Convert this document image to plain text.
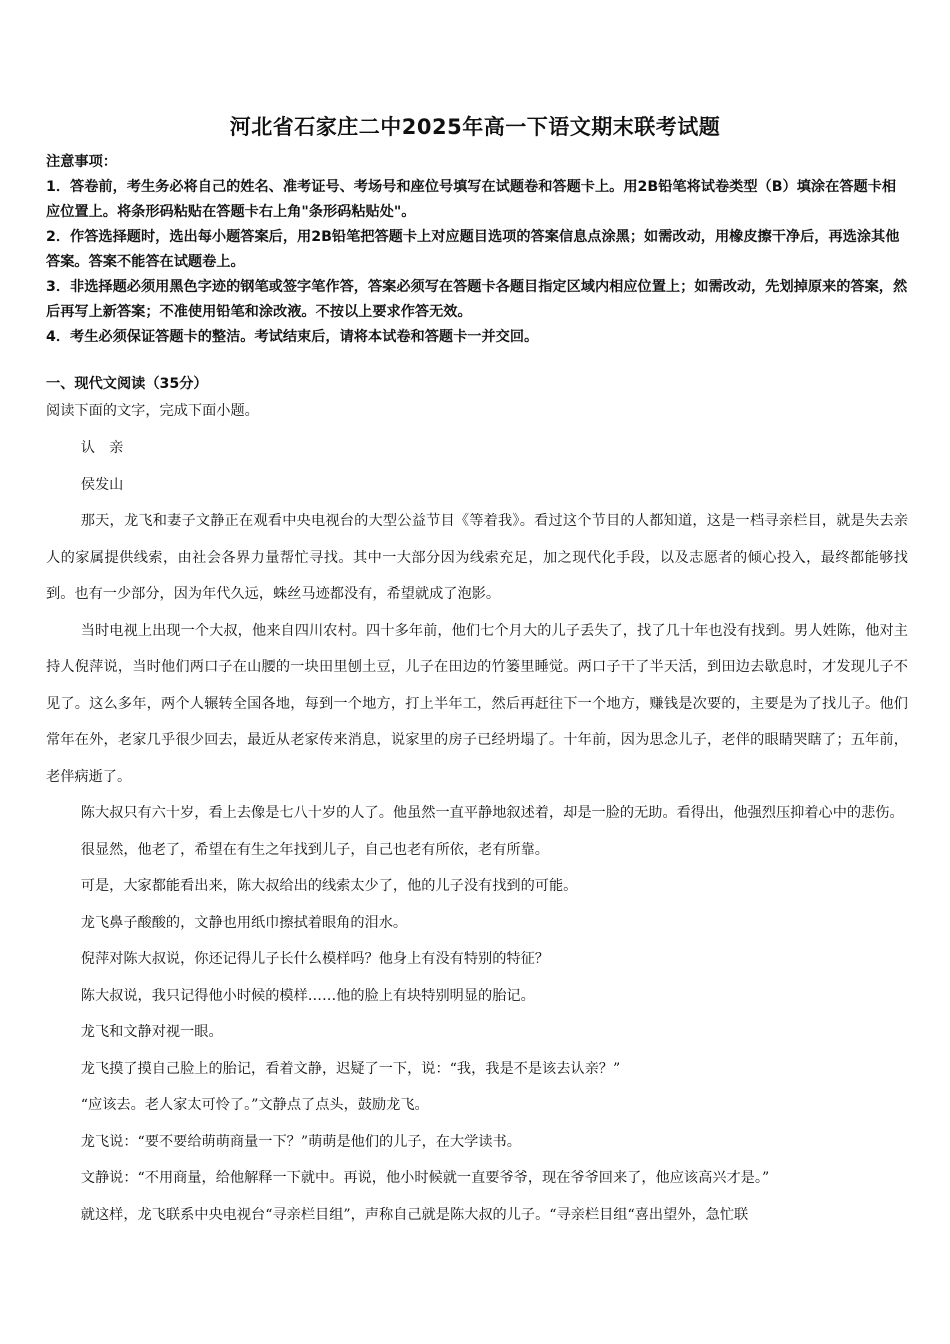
河北省石家庄二中2025年高一下语文期末联考试题

注意事项：

1．答卷前，考生务必将自己的姓名、准考证号、考场号和座位号填写在试题卷和答题卡上。用2B铅笔将试卷类型（B）填涂在答题卡相应位置上。将条形码粘贴在答题卡右上角"条形码粘贴处"。

2．作答选择题时，选出每小题答案后，用2B铅笔把答题卡上对应题目选项的答案信息点涂黑；如需改动，用橡皮擦干净后，再选涂其他答案。答案不能答在试题卷上。

3．非选择题必须用黑色字迹的钢笔或签字笔作答，答案必须写在答题卡各题目指定区域内相应位置上；如需改动，先划掉原来的答案，然后再写上新答案；不准使用铅笔和涂改液。不按以上要求作答无效。

4．考生必须保证答题卡的整洁。考试结束后，请将本试卷和答题卡一并交回。

一、现代文阅读（35分）
阅读下面的文字，完成下面小题。

认亲

侯发山

那天，龙飞和妻子文静正在观看中央电视台的大型公益节目《等着我》。看过这个节目的人都知道，这是一档寻亲栏目，就是失去亲人的家属提供线索，由社会各界力量帮忙寻找。其中一大部分因为线索充足，加之现代化手段，以及志愿者的倾心投入，最终都能够找到。也有一少部分，因为年代久远，蛛丝马迹都没有，希望就成了泡影。

当时电视上出现一个大叔，他来自四川农村。四十多年前，他们七个月大的儿子丢失了，找了几十年也没有找到。男人姓陈，他对主持人倪萍说，当时他们两口子在山腰的一块田里刨土豆，儿子在田边的竹篓里睡觉。两口子干了半天活，到田边去歇息时，才发现儿子不见了。这么多年，两个人辗转全国各地，每到一个地方，打上半年工，然后再赶往下一个地方，赚钱是次要的，主要是为了找儿子。他们常年在外，老家几乎很少回去，最近从老家传来消息，说家里的房子已经坍塌了。十年前，因为思念儿子，老伴的眼睛哭瞎了；五年前，老伴病逝了。

陈大叔只有六十岁，看上去像是七八十岁的人了。他虽然一直平静地叙述着，却是一脸的无助。看得出，他强烈压抑着心中的悲伤。

很显然，他老了，希望在有生之年找到儿子，自己也老有所依，老有所靠。

可是，大家都能看出来，陈大叔给出的线索太少了，他的儿子没有找到的可能。

龙飞鼻子酸酸的，文静也用纸巾擦拭着眼角的泪水。

倪萍对陈大叔说，你还记得儿子长什么模样吗？他身上有没有特别的特征？

陈大叔说，我只记得他小时候的模样……他的脸上有块特别明显的胎记。

龙飞和文静对视一眼。

龙飞摸了摸自己脸上的胎记，看着文静，迟疑了一下，说：“我，我是不是该去认亲？”

“应该去。老人家太可怜了。”文静点了点头，鼓励龙飞。

龙飞说：“要不要给萌萌商量一下？”萌萌是他们的儿子，在大学读书。

文静说：“不用商量，给他解释一下就中。再说，他小时候就一直要爷爷，现在爷爷回来了，他应该高兴才是。”

就这样，龙飞联系中央电视台“寻亲栏目组”，声称自己就是陈大叔的儿子。“寻亲栏目组“喜出望外，急忙联
